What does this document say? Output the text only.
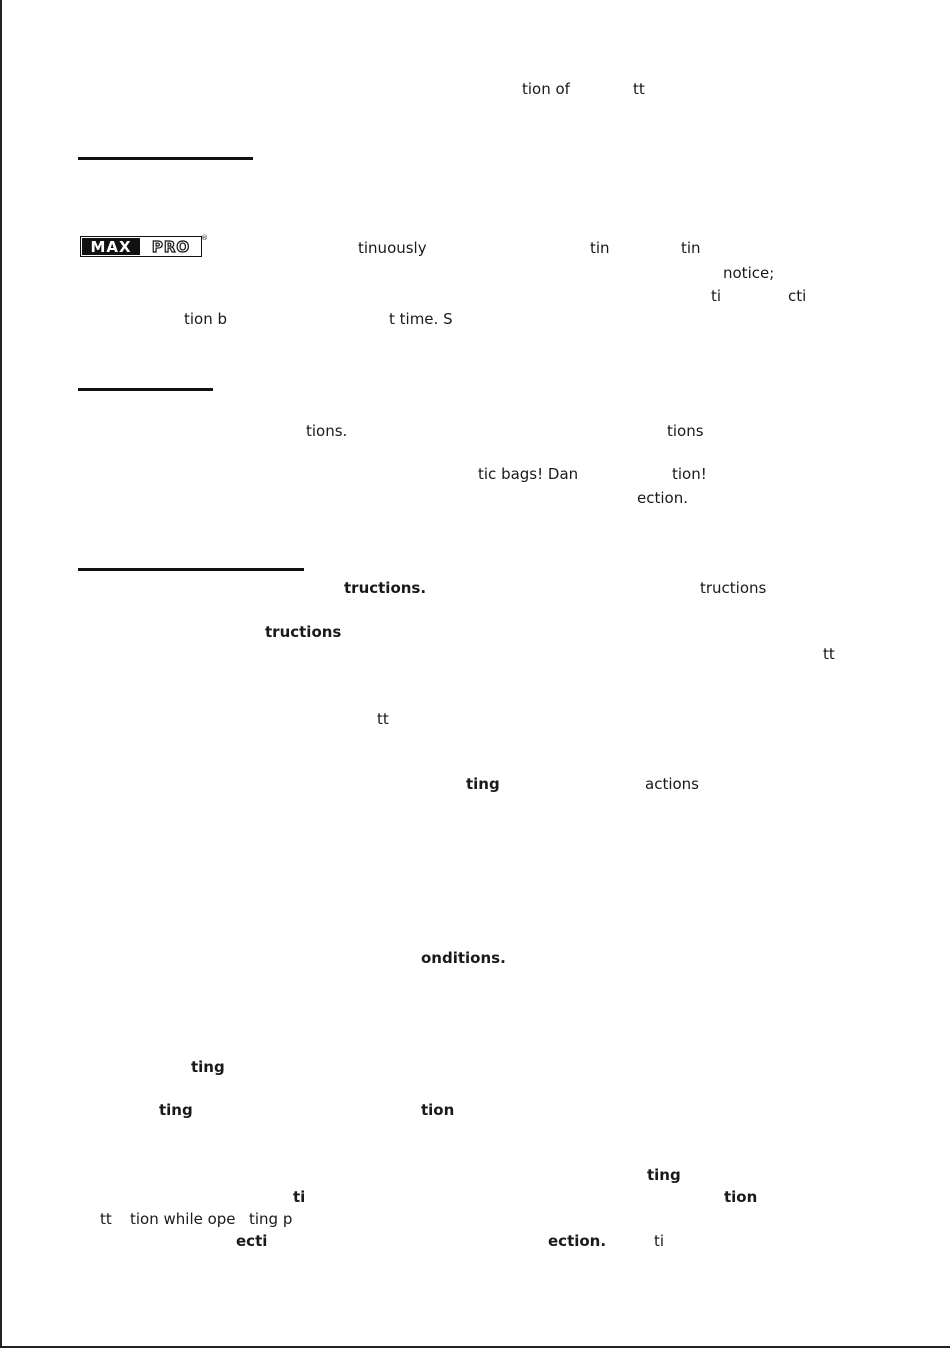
MAX PRO ®
tion of	tt
tinuously	tin	tin
notice;
ti	cti
tion b	t time. S
tions.	tions
tic bags! Dan	tion!
ection.
tructions.	tructions
tructions
tt
tt
ting	actions
onditions.
ting
ting	tion
ting
ti	tion
tt tion while ope ting p
ecti	ection.	ti
